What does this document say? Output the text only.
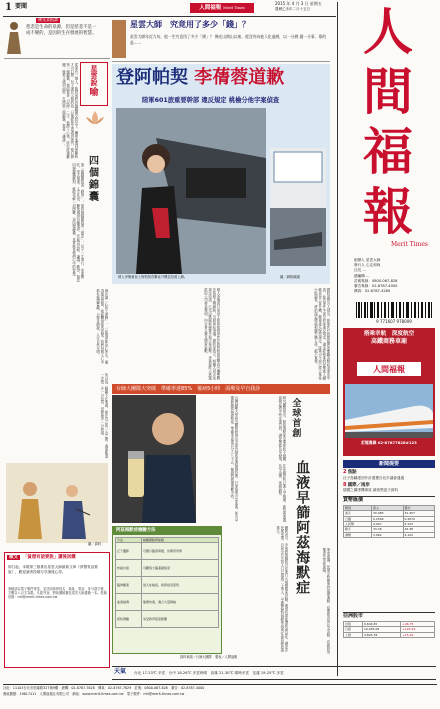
1 要聞	人間福報 Merit Times
2015 年 4 月 3 日 星期五
農曆乙未年二月十五日
佛光菜根譚

慈悲是生命的泉源，但是慈悲不是一成不變的，是因的生存發展的智慧。

星雲說
喻
四個錦囊
從前有一個人，臨終前將四個錦囊交給兒子，囑咐他遇到困難時才可打開。兒子謹記父親的話，日後經營生意遇到挫折，便打開第一個錦囊，裡面寫著「忍耐」二字。他靜下心來，終於度過難關。後來又遇到糾紛，打開第二個錦囊，寫著「謙讓」。
第三個錦囊寫著「勤勞」，第四個錦囊寫著「慈悲」。兒子一生奉行，家業興旺，受人敬重。人生在世，難免遇到各種境界，若能以忍耐、謙讓、勤勞、慈悲四個錦囊應對，就能化解一切困難。這四個錦囊，其實就是我們心中的智慧。
佛法講「心如工畫師」，一切境界都由心所生。懂得運用智慧，就能轉煩惱為菩提。我們每個人心中都有無盡寶藏，只要肯開發，人生自然光明。
所以說，錦囊不在他處，就在自己的一念之間。遇事能退一步想，多一分包容，世間就多一分和諧。
圖／資料
徵文	「貧僧有話要說」讀後回饋

即日起，本報第三版推出星雲大師最新文章《貧僧有話要說》，歡迎讀者投稿分享讀後心得。

來稿請以電子郵件寄送，並註明真實姓名、地址、電話、身分證字號，字數以八百字為限。凡經刊登，將致贈稿費及星雲大師書籍一本。投稿信箱：mtl@merit-times.com.tw

星雲大師　究竟用了多少「錢」？

星雲大師年近九旬，他一生究竟用了多少「錢」？ 佛光山開山以來，從沒有向他人化過錢，以一分錢 做一分事，靠的是……

登阿帕契 李蒨蓉道歉
陸軍601旅重要幹部 違反規定 桃檢分他字案偵查
藝人李蒨蓉登上阿帕契攻擊直升機並拍照上網。	圖／網路截圖
藝人李蒨蓉日前登上陸軍航特部601旅阿帕契攻擊直升機參觀並拍照上傳網路，引發軍紀爭議。國防部表示，相關人員未依規定申請，已交由桃園地檢署分他字案偵辦。李蒨蓉昨天透過經紀公司發表聲明，向社會大眾及國軍致歉。	國防部發言人指出，陸軍601旅營區開放參觀活動必須事先申請，此次事件中部分幹部違反規定，讓未經核准的民眾進入棚廠並登上直升機，嚴重違反保密規定。陸軍司令部已成立專案小組調查，將依規定懲處相關失職人員，絕不寬貸。
台師大團隊大突破　準確率達85%　罹病5小時　面療及早自我診
台灣師範大學研究團隊研發出全球首創的血液檢測技術，只需抽取少量血液，即可早期篩檢阿茲海默症，準確率高達百分之八十五，檢測時間僅需數小時。	研究團隊指出，阿茲海默症早期症狀不明顯，往往確診時已進入中晚期。新技術透過偵測血液中特定蛋白質，讓民眾能及早發現、及早治療，延緩病程。 全球首創
血液早篩阿茲海默症
阿茲海默症檢驗方法
方法	檢驗優點與缺點
正子攝影	可顯示腦部病變，但費用昂貴
核磁共振	可觀察大腦萎縮程度
腦脊髓液	侵入性檢查，病患接受度低
血液檢測	簡便快速，適合大量篩檢
認知測驗	易受教育程度影響
資料來源／台師大團隊　製表／人間福報
團隊表示，未來將與醫院合作進行大規模臨床試驗，期望技術能盡快商品化，讓更多民眾受惠。目前全台失智人口已超過二十萬人，早期篩檢對減輕家庭與社會負擔意義重大。
專家建議，民眾平時應保持規律運動、均衡飲食與社交活動，有助降低罹患失智症風險。
人
間
福
報
Merit Times
創辦人 星雲大師
發行人 心定和尚
社長 …
總編輯 …
訂報專線：0800-067-828
廣告專線：02-8787-4000
傳真：02-8787-4280
9 771607 978009
搭乘幸航　深度航空
高鐵商務車廂
人間福報
訂報專線 02-87877828#123
新聞提要
2 焦點
社子島翻建回升計畫獲台北市議會通過
8 國際／兩岸
德國之翼墜機事故 調查黑盒子資料
貨幣匯價
幣別	買入	賣出
美元	30.983	31.457
日圓	0.2569	0.2670
人民幣	4.907	5.123
歐元	33.36	34.38
港幣	3.962	4.122
亞洲股市
台股	9,604.65	+46.75
日經	19,435.08	+122.29
上證	3,825.78	+15.49
天氣 台北 17-23℃ 多雲　台中 18-26℃ 多雲時晴　高雄 21-30℃ 晴時多雲　花蓮 19-25℃ 多雲
社址：11103台北市松隆路327號9樓　總機：02-8787-7828　傳真：02-8787-7829　訂報：0800-067-828　廣告：02-8787-4000
郵政劃撥：19617411　人間福報社有限公司　網址：www.merit-times.com.tw　電子郵件：mtl@merit-times.com.tw
